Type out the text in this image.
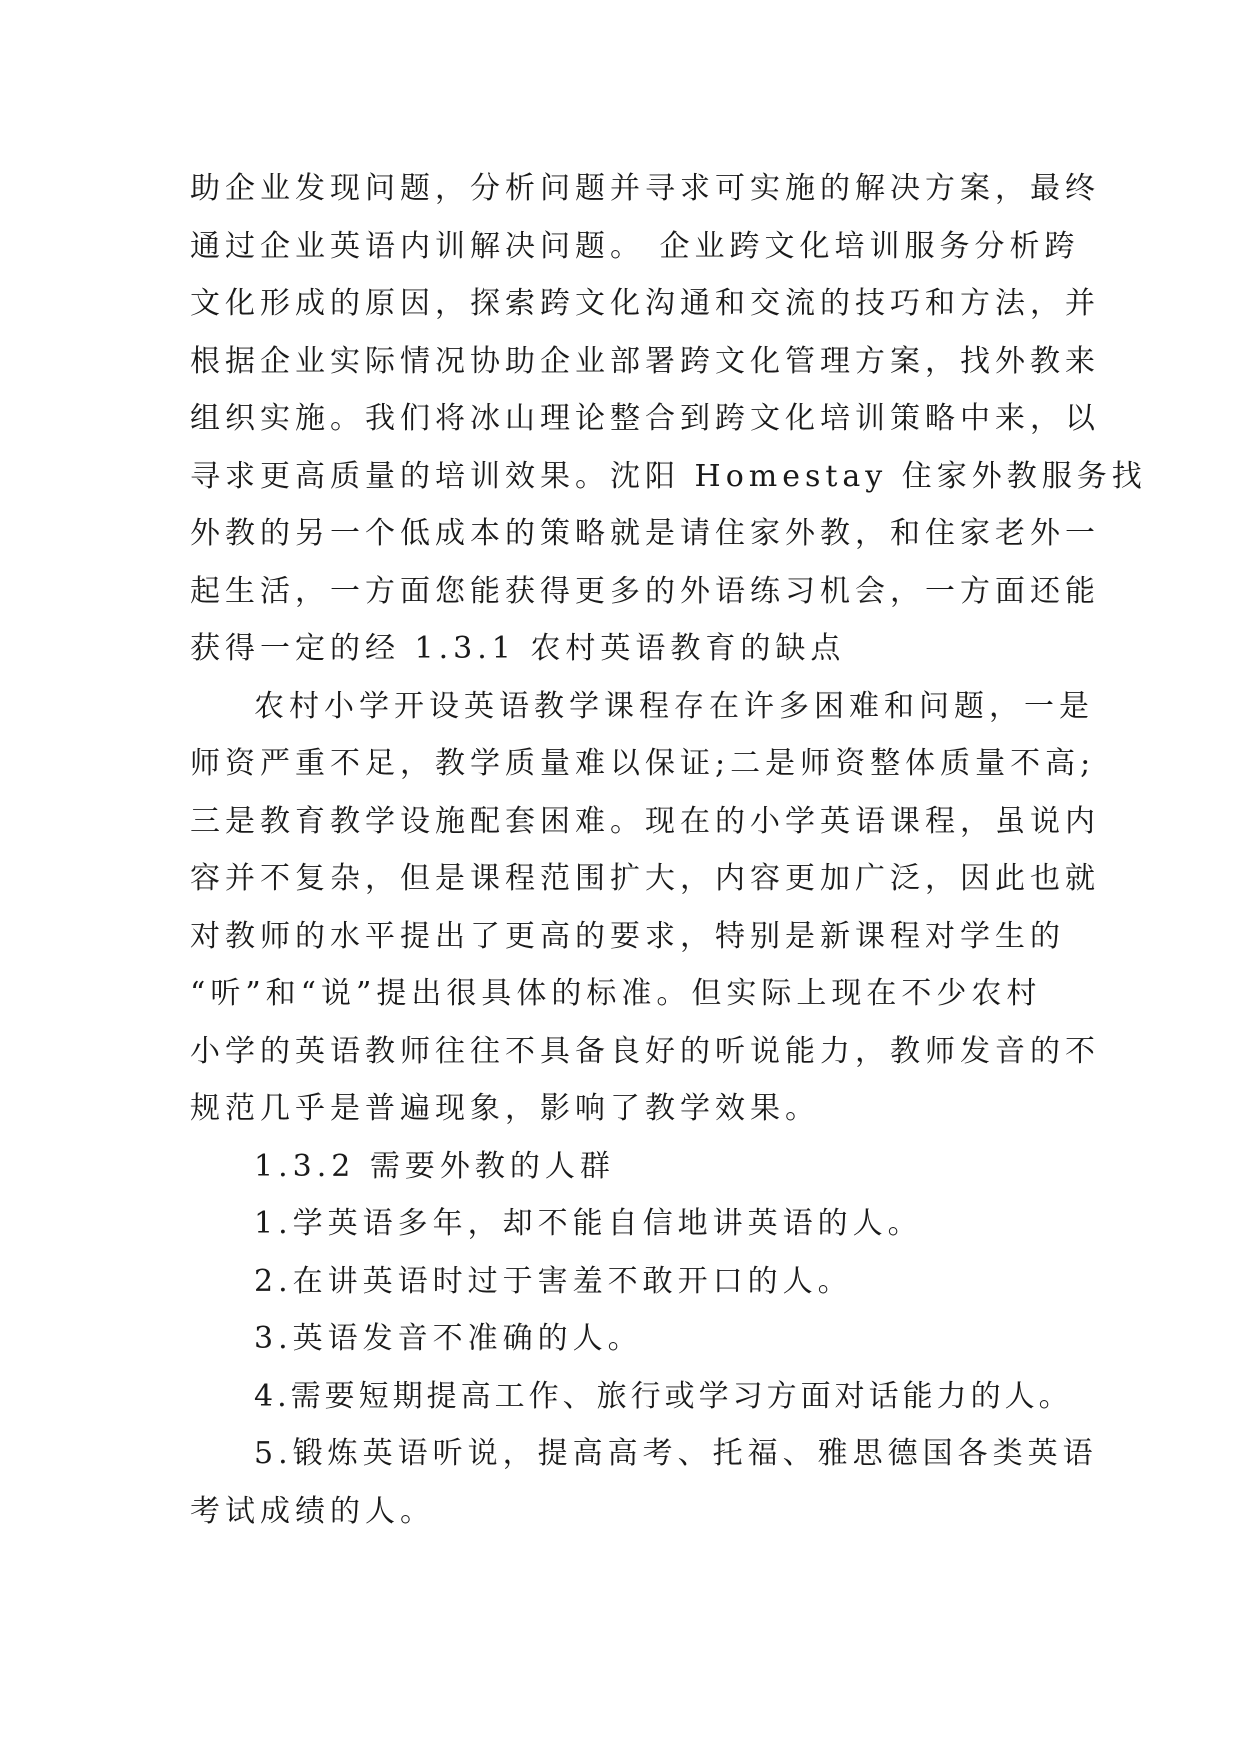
助企业发现问题，分析问题并寻求可实施的解决方案，最终
通过企业英语内训解决问题。 企业跨文化培训服务分析跨
文化形成的原因，探索跨文化沟通和交流的技巧和方法，并
根据企业实际情况协助企业部署跨文化管理方案，找外教来
组织实施。我们将冰山理论整合到跨文化培训策略中来，以
寻求更高质量的培训效果。沈阳 Homestay 住家外教服务找
外教的另一个低成本的策略就是请住家外教，和住家老外一
起生活，一方面您能获得更多的外语练习机会，一方面还能
获得一定的经 1.3.1 农村英语教育的缺点
农村小学开设英语教学课程存在许多困难和问题，一是
师资严重不足，教学质量难以保证;二是师资整体质量不高;
三是教育教学设施配套困难。现在的小学英语课程，虽说内
容并不复杂，但是课程范围扩大，内容更加广泛，因此也就
对教师的水平提出了更高的要求，特别是新课程对学生的
“听”和“说”提出很具体的标准。但实际上现在不少农村
小学的英语教师往往不具备良好的听说能力，教师发音的不
规范几乎是普遍现象，影响了教学效果。
1.3.2 需要外教的人群
1.学英语多年，却不能自信地讲英语的人。
2.在讲英语时过于害羞不敢开口的人。
3.英语发音不准确的人。
4.需要短期提高工作、旅行或学习方面对话能力的人。
5.锻炼英语听说，提高高考、托福、雅思德国各类英语
考试成绩的人。
